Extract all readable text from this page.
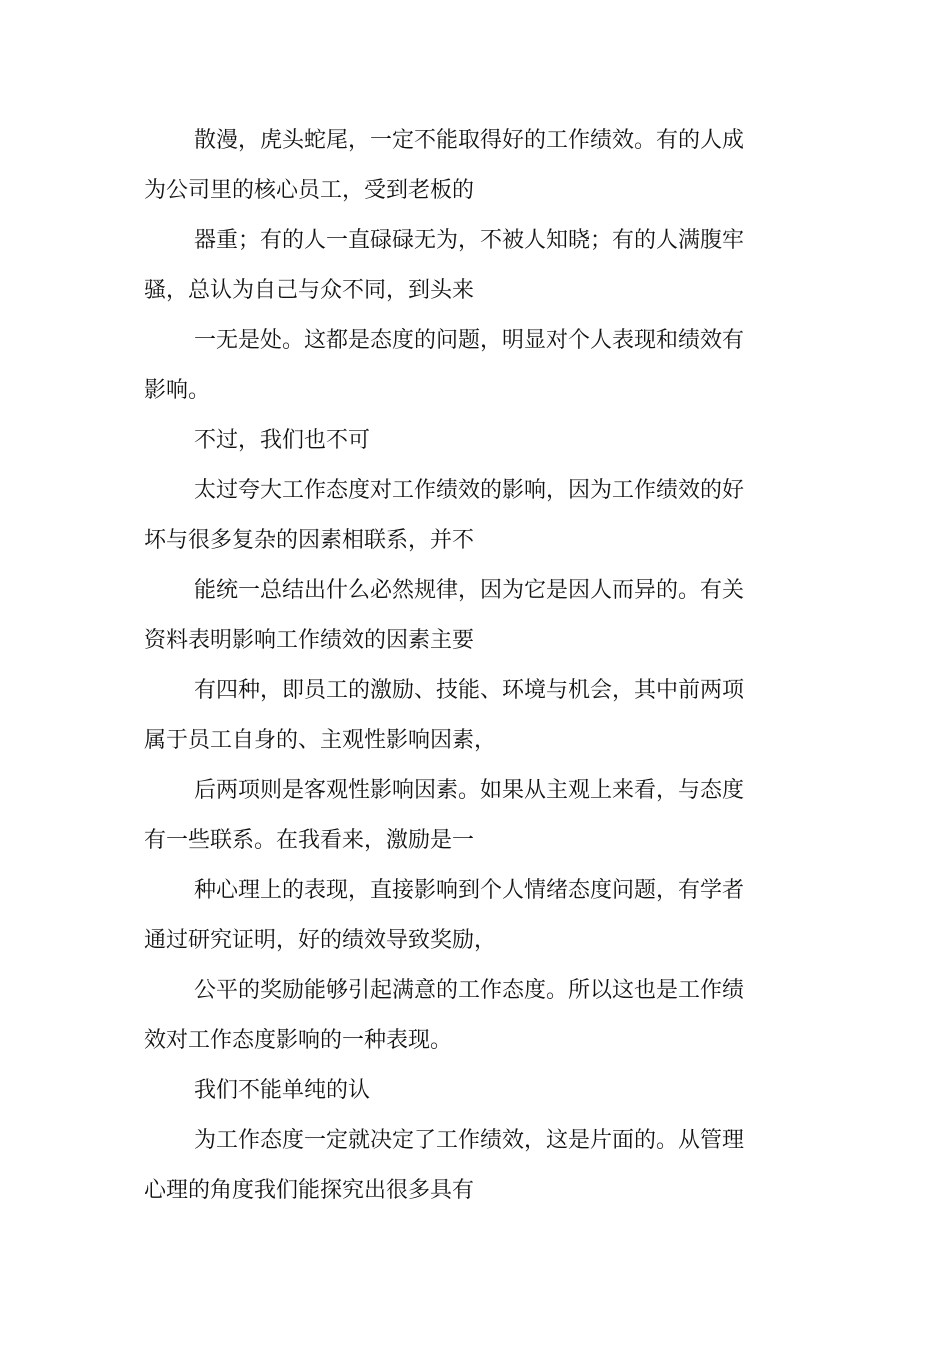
散漫，虎头蛇尾，一定不能取得好的工作绩效。有的人成为公司里的核心员工，受到老板的

器重；有的人一直碌碌无为，不被人知晓；有的人满腹牢骚，总认为自己与众不同，到头来

一无是处。这都是态度的问题，明显对个人表现和绩效有影响。

不过，我们也不可

太过夸大工作态度对工作绩效的影响，因为工作绩效的好坏与很多复杂的因素相联系，并不

能统一总结出什么必然规律，因为它是因人而异的。有关资料表明影响工作绩效的因素主要

有四种，即员工的激励、技能、环境与机会，其中前两项属于员工自身的、主观性影响因素，

后两项则是客观性影响因素。如果从主观上来看，与态度有一些联系。在我看来，激励是一

种心理上的表现，直接影响到个人情绪态度问题，有学者通过研究证明，好的绩效导致奖励，

公平的奖励能够引起满意的工作态度。所以这也是工作绩效对工作态度影响的一种表现。

我们不能单纯的认

为工作态度一定就决定了工作绩效，这是片面的。从管理心理的角度我们能探究出很多具有
